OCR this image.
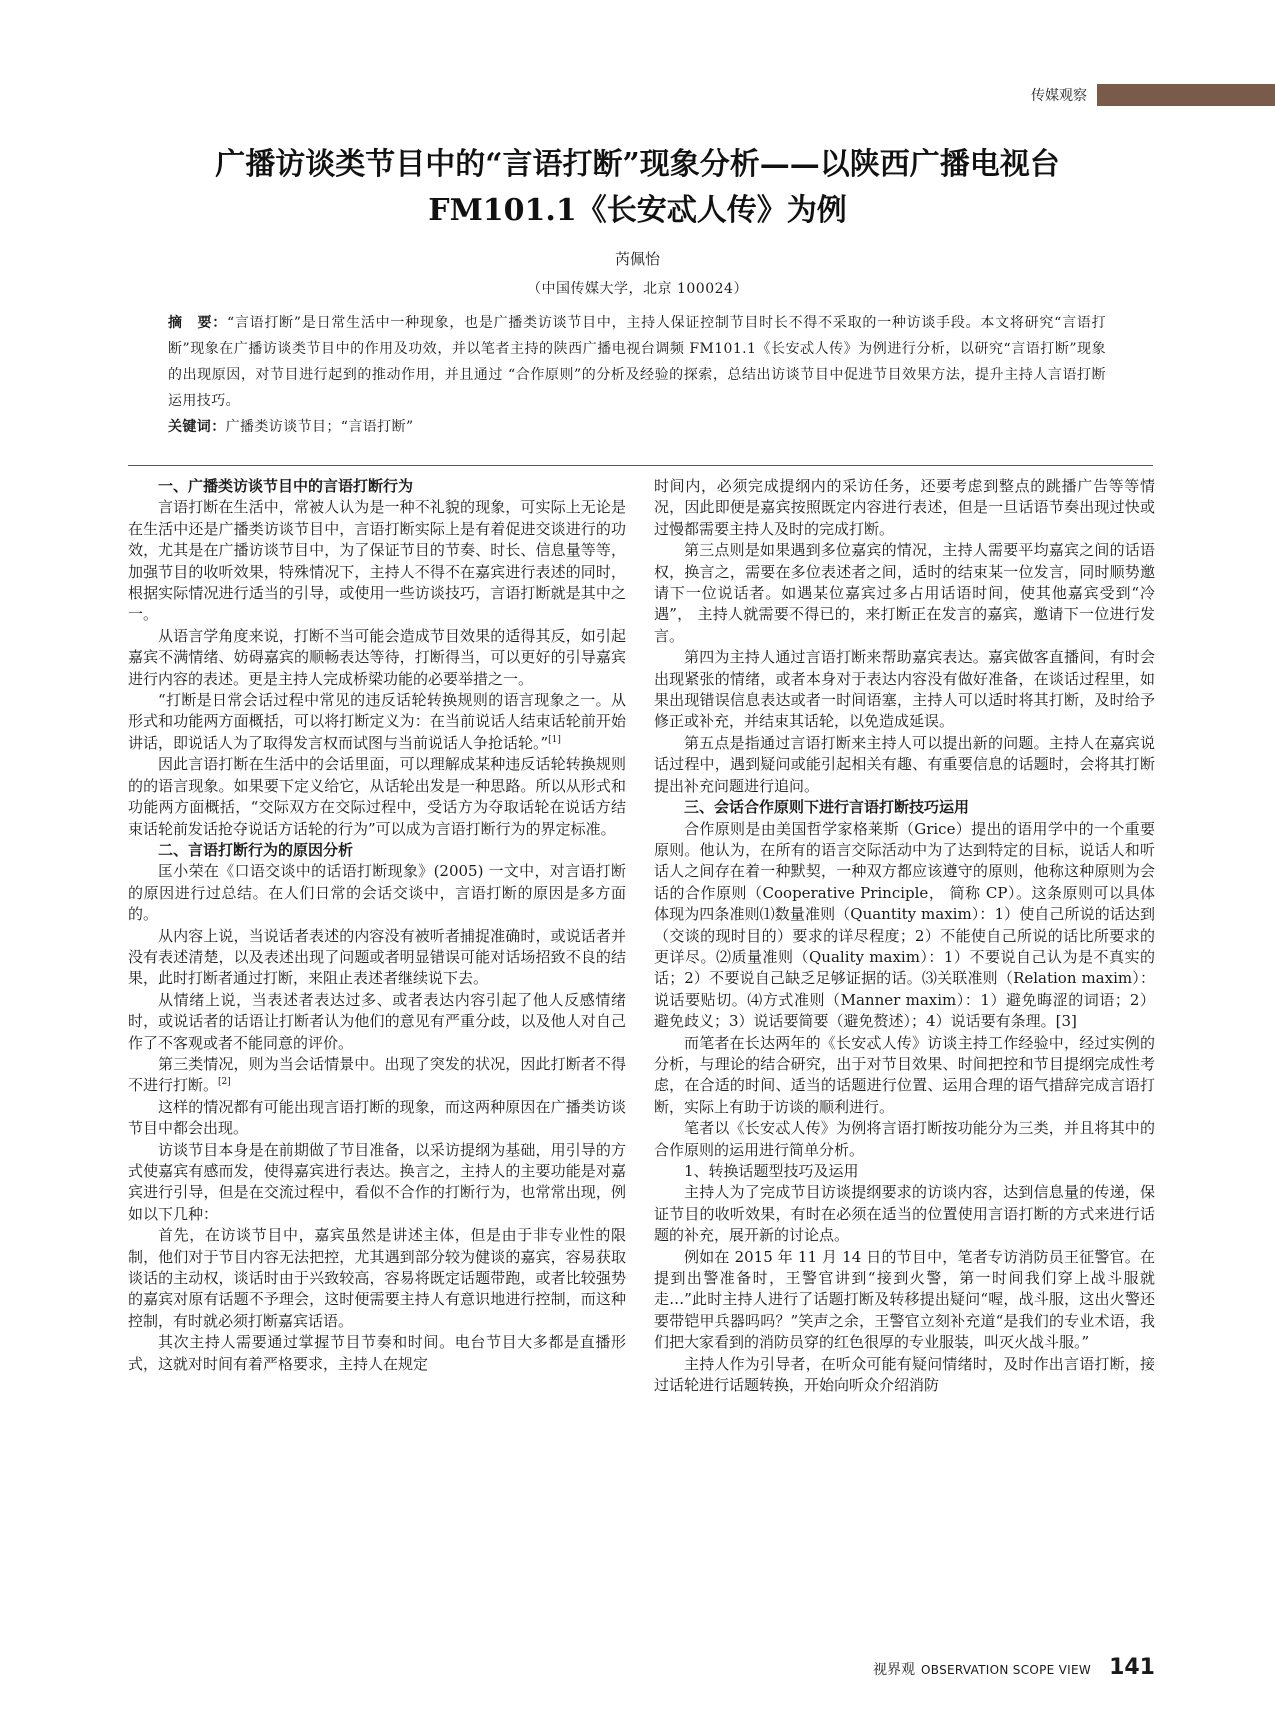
传媒观察
广播访谈类节目中的“言语打断”现象分析——以陕西广播电视台
FM101.1《长安忒人传》为例
芮佩怡
（中国传媒大学，北京 100024）
摘　要：“言语打断”是日常生活中一种现象，也是广播类访谈节目中，主持人保证控制节目时长不得不采取的一种访谈手段。本文将研究“言语打断”现象在广播访谈类节目中的作用及功效，并以笔者主持的陕西广播电视台调频 FM101.1《长安忒人传》为例进行分析，以研究“言语打断”现象的出现原因，对节目进行起到的推动作用，并且通过 “合作原则”的分析及经验的探索，总结出访谈节目中促进节目效果方法，提升主持人言语打断运用技巧。
关键词：广播类访谈节目；“言语打断”
一、广播类访谈节目中的言语打断行为

言语打断在生活中，常被人认为是一种不礼貌的现象，可实际上无论是在生活中还是广播类访谈节目中，言语打断实际上是有着促进交谈进行的功效，尤其是在广播访谈节目中，为了保证节目的节奏、时长、信息量等等，加强节目的收听效果，特殊情况下，主持人不得不在嘉宾进行表述的同时，根据实际情况进行适当的引导，或使用一些访谈技巧，言语打断就是其中之一。

从语言学角度来说，打断不当可能会造成节目效果的适得其反，如引起嘉宾不满情绪、妨碍嘉宾的顺畅表达等待，打断得当，可以更好的引导嘉宾进行内容的表述。更是主持人完成桥梁功能的必要举措之一。

“打断是日常会话过程中常见的违反话轮转换规则的语言现象之一。从形式和功能两方面概括，可以将打断定义为：在当前说话人结束话轮前开始讲话，即说话人为了取得发言权而试图与当前说话人争抢话轮。”[1]

因此言语打断在生活中的会话里面，可以理解成某种违反话轮转换规则的的语言现象。如果要下定义给它，从话轮出发是一种思路。所以从形式和功能两方面概括，“交际双方在交际过程中，受话方为夺取话轮在说话方结束话轮前发话抢夺说话方话轮的行为”可以成为言语打断行为的界定标准。

二、言语打断行为的原因分析

匡小荣在《口语交谈中的话语打断现象》(2005) 一文中，对言语打断的原因进行过总结。在人们日常的会话交谈中，言语打断的原因是多方面的。

从内容上说，当说话者表述的内容没有被听者捕捉准确时，或说话者并没有表述清楚，以及表述出现了问题或者明显错误可能对话场招致不良的结果，此时打断者通过打断，来阻止表述者继续说下去。

从情绪上说，当表述者表达过多、或者表达内容引起了他人反感情绪时，或说话者的话语让打断者认为他们的意见有严重分歧，以及他人对自己作了不客观或者不能同意的评价。

第三类情况，则为当会话情景中。出现了突发的状况，因此打断者不得不进行打断。[2]

这样的情况都有可能出现言语打断的现象，而这两种原因在广播类访谈节目中都会出现。

访谈节目本身是在前期做了节目准备，以采访提纲为基础，用引导的方式使嘉宾有感而发，使得嘉宾进行表达。换言之，主持人的主要功能是对嘉宾进行引导，但是在交流过程中，看似不合作的打断行为，也常常出现，例如以下几种：

首先，在访谈节目中，嘉宾虽然是讲述主体，但是由于非专业性的限制，他们对于节目内容无法把控，尤其遇到部分较为健谈的嘉宾，容易获取谈话的主动权，谈话时由于兴致较高，容易将既定话题带跑，或者比较强势的嘉宾对原有话题不予理会，这时便需要主持人有意识地进行控制，而这种控制，有时就必须打断嘉宾话语。

其次主持人需要通过掌握节目节奏和时间。电台节目大多都是直播形式，这就对时间有着严格要求，主持人在规定

时间内，必须完成提纲内的采访任务，还要考虑到整点的跳播广告等等情况，因此即便是嘉宾按照既定内容进行表述，但是一旦话语节奏出现过快或过慢都需要主持人及时的完成打断。

第三点则是如果遇到多位嘉宾的情况，主持人需要平均嘉宾之间的话语权，换言之，需要在多位表述者之间，适时的结束某一位发言，同时顺势邀请下一位说话者。如遇某位嘉宾过多占用话语时间，使其他嘉宾受到“冷遇”， 主持人就需要不得已的，来打断正在发言的嘉宾，邀请下一位进行发言。

第四为主持人通过言语打断来帮助嘉宾表达。嘉宾做客直播间，有时会出现紧张的情绪，或者本身对于表达内容没有做好准备，在谈话过程里，如果出现错误信息表达或者一时间语塞，主持人可以适时将其打断，及时给予修正或补充，并结束其话轮，以免造成延误。

第五点是指通过言语打断来主持人可以提出新的问题。主持人在嘉宾说话过程中，遇到疑问或能引起相关有趣、有重要信息的话题时，会将其打断提出补充问题进行追问。

三、会话合作原则下进行言语打断技巧运用

合作原则是由美国哲学家格莱斯（Grice）提出的语用学中的一个重要原则。他认为，在所有的语言交际活动中为了达到特定的目标，说话人和听话人之间存在着一种默契，一种双方都应该遵守的原则，他称这种原则为会话的合作原则（Cooperative Principle， 简称 CP）。这条原则可以具体体现为四条准则⑴数量准则（Quantity maxim）：1）使自己所说的话达到（交谈的现时目的）要求的详尽程度；2）不能使自己所说的话比所要求的更详尽。⑵质量准则（Quality maxim）：1）不要说自己认为是不真实的话；2）不要说自己缺乏足够证据的话。⑶关联准则（Relation maxim）：说话要贴切。⑷方式准则（Manner maxim）：1）避免晦涩的词语；2）避免歧义；3）说话要简要（避免赘述）；4）说话要有条理。[3]

而笔者在长达两年的《长安忒人传》访谈主持工作经验中，经过实例的分析，与理论的结合研究，出于对节目效果、时间把控和节目提纲完成性考虑，在合适的时间、适当的话题进行位置、运用合理的语气措辞完成言语打断，实际上有助于访谈的顺利进行。

笔者以《长安忒人传》为例将言语打断按功能分为三类，并且将其中的合作原则的运用进行简单分析。

1、转换话题型技巧及运用

主持人为了完成节目访谈提纲要求的访谈内容，达到信息量的传递，保证节目的收听效果，有时在必须在适当的位置使用言语打断的方式来进行话题的补充，展开新的讨论点。

例如在 2015 年 11 月 14 日的节目中，笔者专访消防员王征警官。在提到出警准备时，王警官讲到“接到火警，第一时间我们穿上战斗服就走…”此时主持人进行了话题打断及转移提出疑问“喔，战斗服，这出火警还要带铠甲兵器吗吗？”笑声之余，王警官立刻补充道“是我们的专业术语，我们把大家看到的消防员穿的红色很厚的专业服装，叫灭火战斗服。”

主持人作为引导者，在听众可能有疑问情绪时，及时作出言语打断，接过话轮进行话题转换，开始向听众介绍消防

视界观 OBSERVATION SCOPE VIEW 141
